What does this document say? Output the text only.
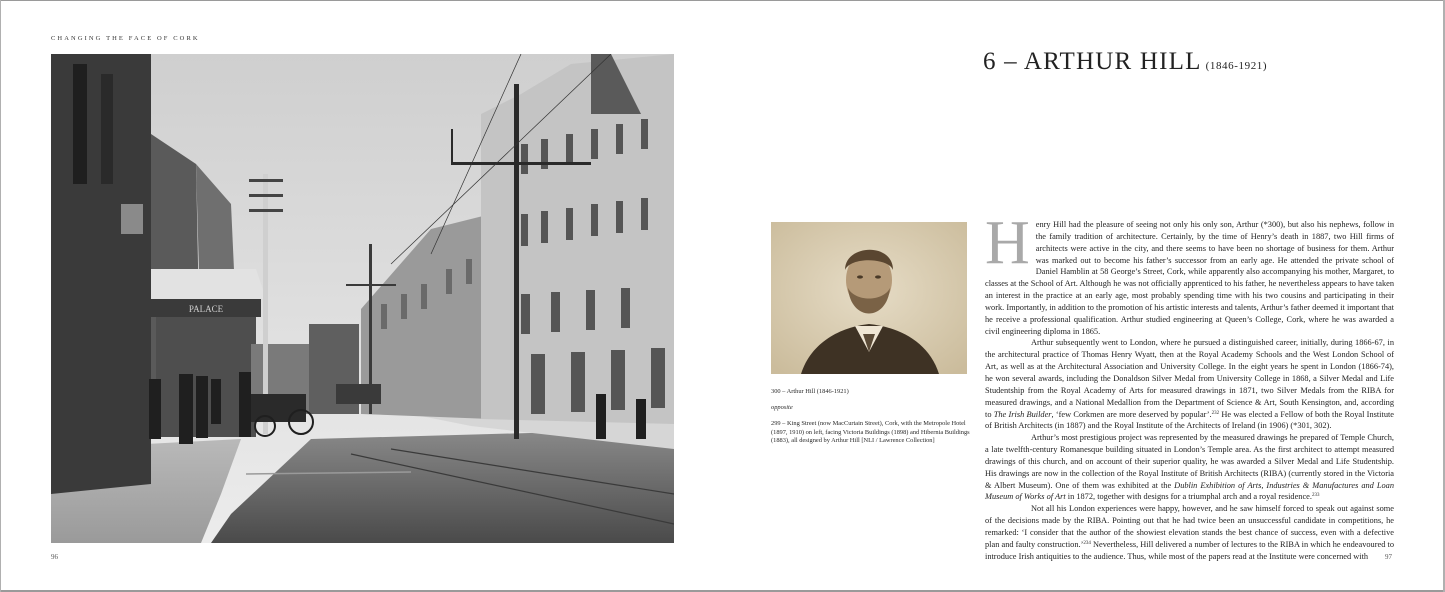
CHANGING THE FACE OF CORK
PALACE
96
6 – ARTHUR HILL (1846-1921)

300 – Arthur Hill (1846-1921)

opposite

299 – King Street (now MacCurtain Street), Cork, with the Metropole Hotel (1897, 1910) on left, facing Victoria Buildings (1898) and Hibernia Buildings (1883), all designed by Arthur Hill [NLI / Lawrence Collection]

Henry Hill had the pleasure of seeing not only his only son, Arthur (*300), but also his nephews, follow in the family tradition of architecture. Certainly, by the time of Henry’s death in 1887, two Hill firms of architects were active in the city, and there seems to have been no shortage of business for them. Arthur was marked out to become his father’s successor from an early age. He attended the private school of Daniel Hamblin at 58 George’s Street, Cork, while apparently also accompanying his mother, Margaret, to classes at the School of Art. Although he was not officially apprenticed to his father, he nevertheless appears to have taken an interest in the practice at an early age, most probably spending time with his two cousins and participating in their work. Importantly, in addition to the promotion of his artistic interests and talents, Arthur’s father deemed it important that he receive a professional qualification. Arthur studied engineering at Queen’s College, Cork, where he was awarded a civil engineering diploma in 1865.

Arthur subsequently went to London, where he pursued a distinguished career, initially, during 1866-67, in the architectural practice of Thomas Henry Wyatt, then at the Royal Academy Schools and the West London School of Art, as well as at the Architectural Association and University College. In the eight years he spent in London (1866-74), he won several awards, including the Donaldson Silver Medal from University College in 1868, a Silver Medal and Life Studentship from the Royal Academy of Arts for measured drawings in 1871, two Silver Medals from the RIBA for measured drawings, and a National Medallion from the Department of Science & Art, South Kensington, and, according to The Irish Builder, ‘few Corkmen are more deserved by popular’.$^{232}$ He was elected a Fellow of both the Royal Institute of British Architects (in 1887) and the Royal Institute of the Architects of Ireland (in 1906) (*301, 302).

Arthur’s most prestigious project was represented by the measured drawings he prepared of Temple Church, a late twelfth-century Romanesque building situated in London’s Temple area. As the first architect to attempt measured drawings of this church, and on account of their superior quality, he was awarded a Silver Medal and Life Studentship. His drawings are now in the collection of the Royal Institute of British Architects (RIBA) (currently stored in the Victoria & Albert Museum). One of them was exhibited at the Dublin Exhibition of Arts, Industries & Manufactures and Loan Museum of Works of Art in 1872, together with designs for a triumphal arch and a royal residence.$^{233}$

Not all his London experiences were happy, however, and he saw himself forced to speak out against some of the decisions made by the RIBA. Pointing out that he had twice been an unsuccessful candidate in competitions, he remarked: ‘I consider that the author of the showiest elevation stands the best chance of success, even with a defective plan and faulty construction.’$^{234}$ Nevertheless, Hill delivered a number of lectures to the RIBA in which he endeavoured to introduce Irish antiquities to the audience. Thus, while most of the papers read at the Institute were concerned with	97
